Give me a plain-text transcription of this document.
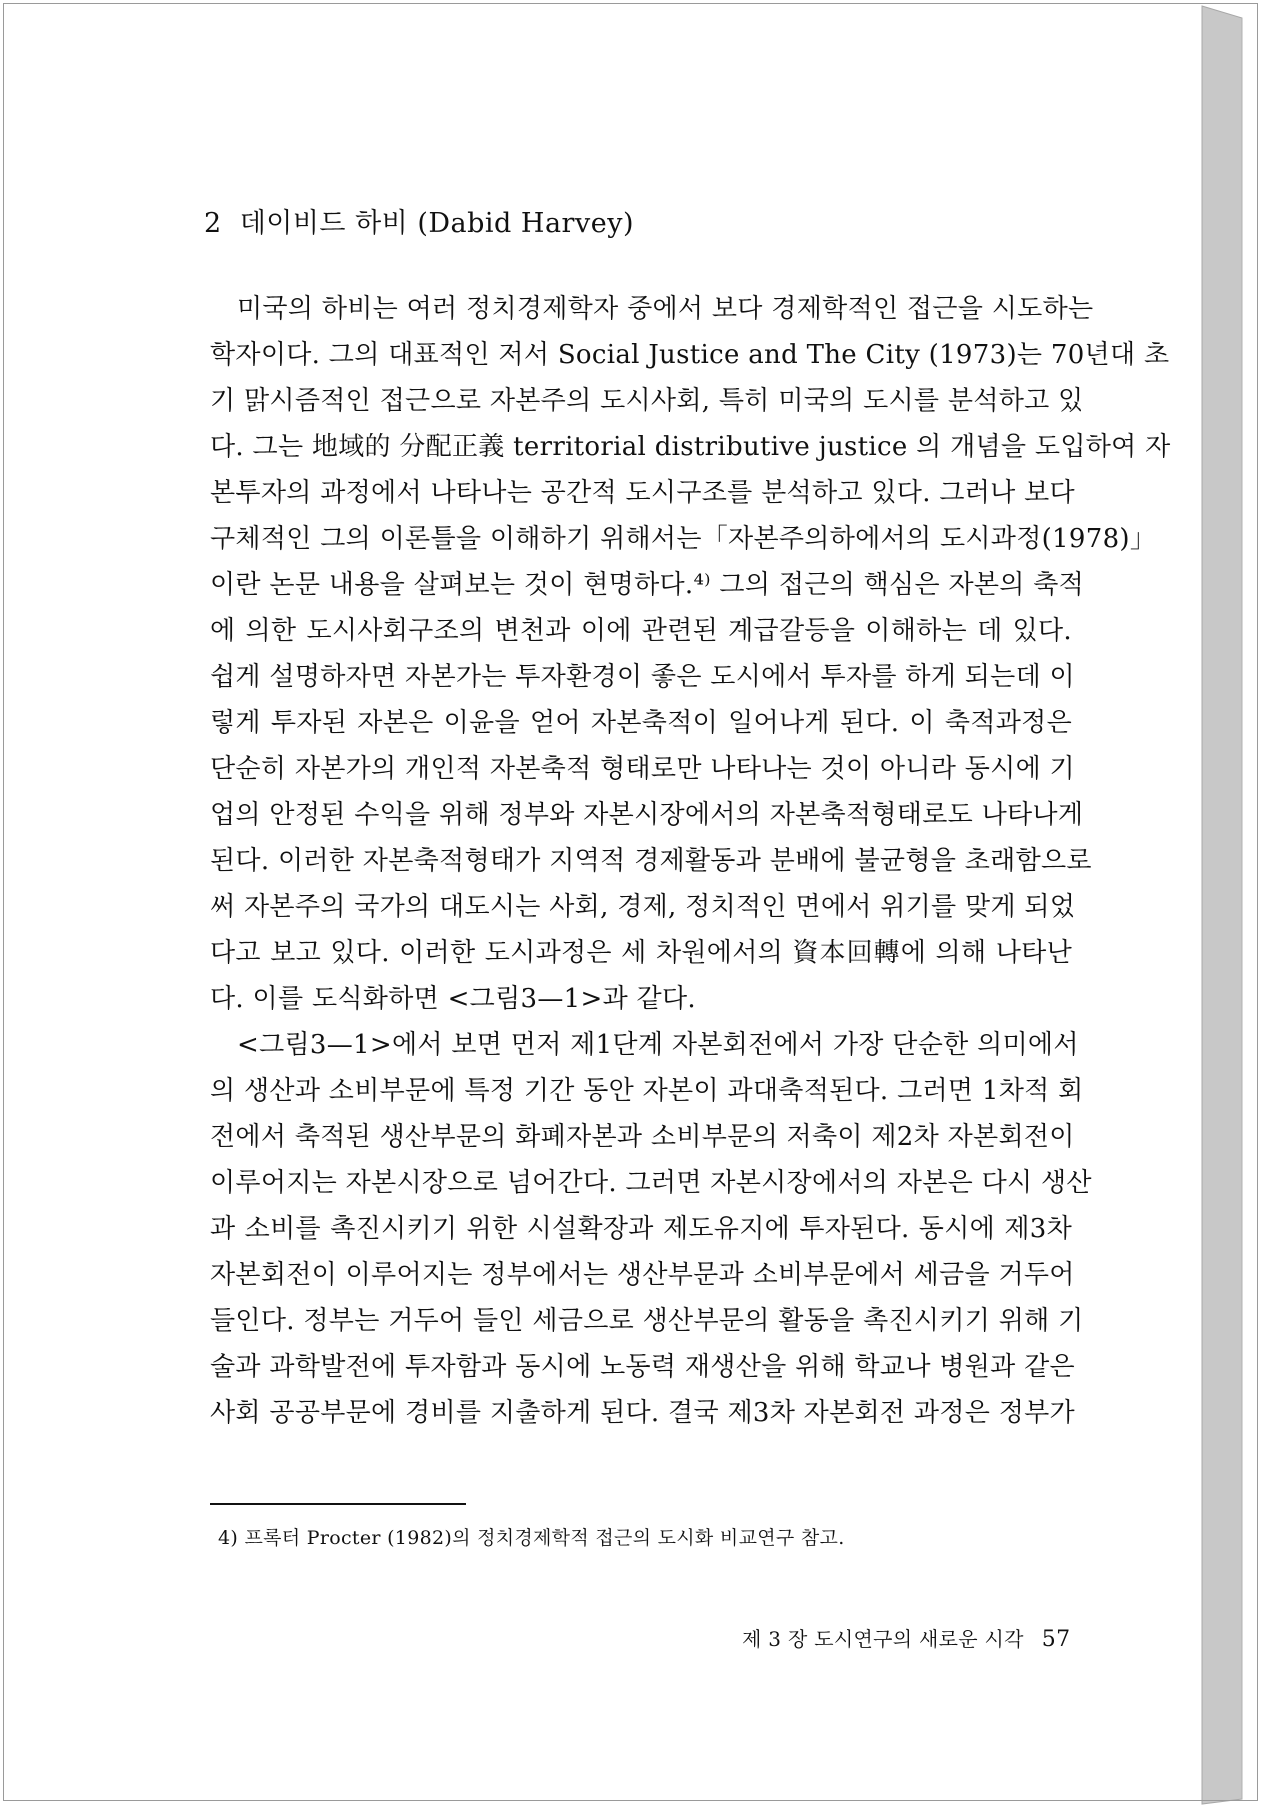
2 데이비드 하비 (Dabid Harvey)
미국의 하비는 여러 정치경제학자 중에서 보다 경제학적인 접근을 시도하는
학자이다. 그의 대표적인 저서 Social Justice and The City (1973)는 70년대 초
기 맑시즘적인 접근으로 자본주의 도시사회, 특히 미국의 도시를 분석하고 있
다. 그는 地域的 分配正義 territorial distributive justice 의 개념을 도입하여 자
본투자의 과정에서 나타나는 공간적 도시구조를 분석하고 있다. 그러나 보다
구체적인 그의 이론틀을 이해하기 위해서는「자본주의하에서의 도시과정(1978)」
이란 논문 내용을 살펴보는 것이 현명하다.⁴⁾ 그의 접근의 핵심은 자본의 축적
에 의한 도시사회구조의 변천과 이에 관련된 계급갈등을 이해하는 데 있다.
쉽게 설명하자면 자본가는 투자환경이 좋은 도시에서 투자를 하게 되는데 이
렇게 투자된 자본은 이윤을 얻어 자본축적이 일어나게 된다. 이 축적과정은
단순히 자본가의 개인적 자본축적 형태로만 나타나는 것이 아니라 동시에 기
업의 안정된 수익을 위해 정부와 자본시장에서의 자본축적형태로도 나타나게
된다. 이러한 자본축적형태가 지역적 경제활동과 분배에 불균형을 초래함으로
써 자본주의 국가의 대도시는 사회, 경제, 정치적인 면에서 위기를 맞게 되었
다고 보고 있다. 이러한 도시과정은 세 차원에서의 資本回轉에 의해 나타난
다. 이를 도식화하면 <그림3—1>과 같다.
<그림3—1>에서 보면 먼저 제1단계 자본회전에서 가장 단순한 의미에서
의 생산과 소비부문에 특정 기간 동안 자본이 과대축적된다. 그러면 1차적 회
전에서 축적된 생산부문의 화폐자본과 소비부문의 저축이 제2차 자본회전이
이루어지는 자본시장으로 넘어간다. 그러면 자본시장에서의 자본은 다시 생산
과 소비를 촉진시키기 위한 시설확장과 제도유지에 투자된다. 동시에 제3차
자본회전이 이루어지는 정부에서는 생산부문과 소비부문에서 세금을 거두어
들인다. 정부는 거두어 들인 세금으로 생산부문의 활동을 촉진시키기 위해 기
술과 과학발전에 투자함과 동시에 노동력 재생산을 위해 학교나 병원과 같은
사회 공공부문에 경비를 지출하게 된다. 결국 제3차 자본회전 과정은 정부가
4) 프록터 Procter (1982)의 정치경제학적 접근의 도시화 비교연구 참고.
제 3 장 도시연구의 새로운 시각 57
